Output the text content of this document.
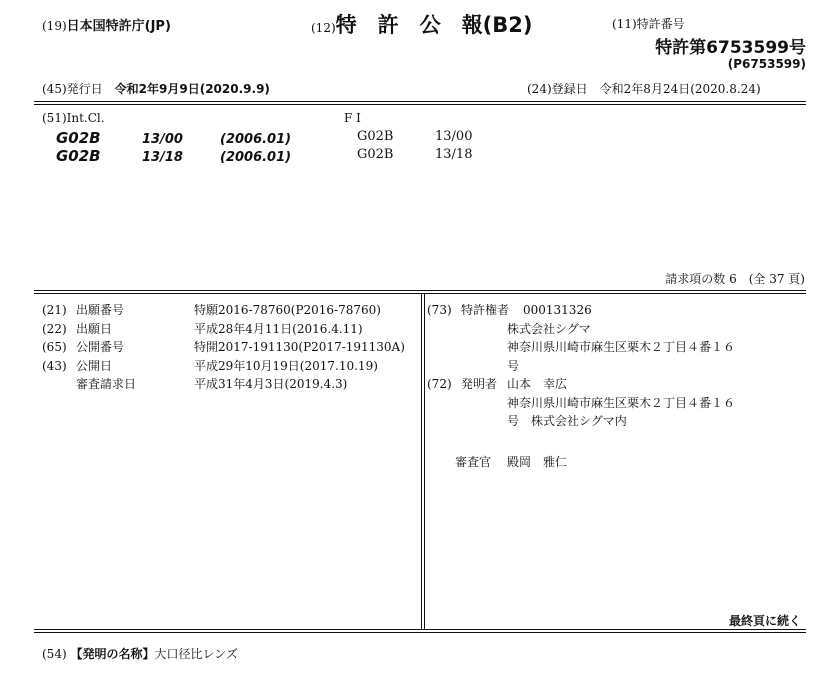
(19)日本国特許庁(JP)	(12)特　許　公　報(B2)	(11)特許番号
特許第6753599号
(P6753599)
(45)発行日　 令和2年9月9日(2020.9.9)	(24)登録日　 令和2年8月24日(2020.8.24)
(51)Int.Cl.	F I
G02B	13/00	(2006.01)	G02B	13/00
G02B	13/18	(2006.01)	G02B	13/18
請求項の数 6　(全 37 頁)
(21) 出願番号	特願2016-78760(P2016-78760)
(22) 出願日	平成28年4月11日(2016.4.11)
(65) 公開番号	特開2017-191130(P2017-191130A)
(43) 公開日	平成29年10月19日(2017.10.19)
審査請求日	平成31年4月3日(2019.4.3)
(73) 特許権者 000131326
株式会社シグマ
神奈川県川崎市麻生区栗木２丁目４番１６
号
(72) 発明者 山本　幸広
神奈川県川崎市麻生区栗木２丁目４番１６
号　株式会社シグマ内
審査官 殿岡　雅仁
最終頁に続く
(54) 【発明の名称】大口径比レンズ
